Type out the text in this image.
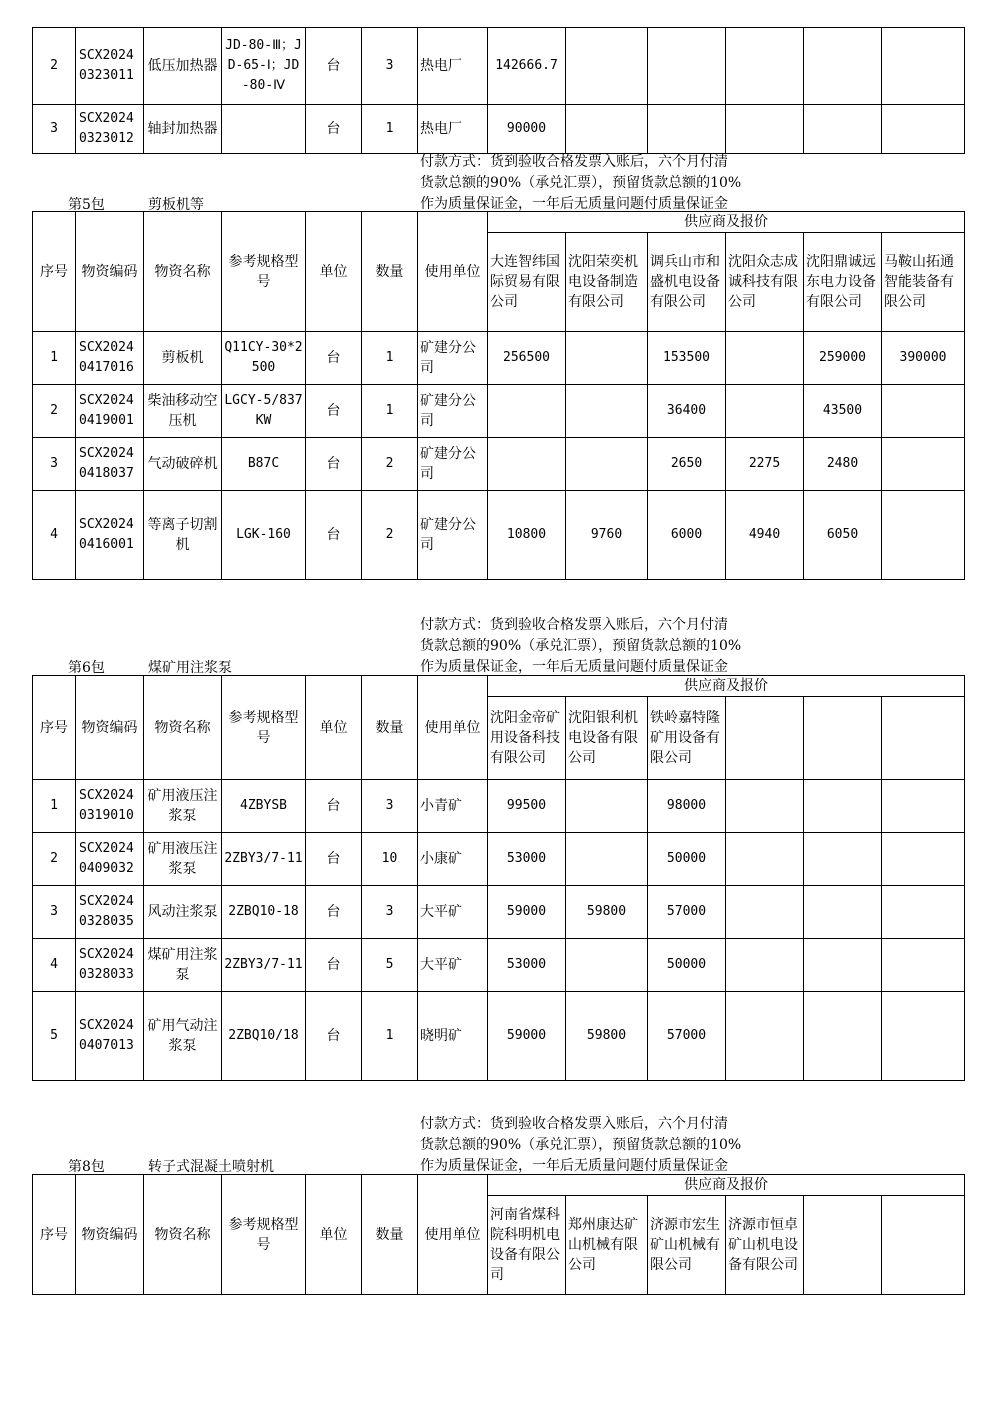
2	SCX20240323011	低压加热器	JD-80-Ⅲ；JD-65-Ⅰ；JD-80-Ⅳ	台	3	热电厂	142666.7					
3	SCX20240323012	轴封加热器		台	1	热电厂	90000					
付款方式：货到验收合格发票入账后，六个月付清
货款总额的90%（承兑汇票），预留货款总额的10%
作为质量保证金，一年后无质量问题付质量保证金
第5包	剪板机等
序号	物资编码	物资名称	参考规格型号	单位	数量	使用单位	供应商及报价					
							大连智纬国际贸易有限公司	沈阳荣奕机电设备制造有限公司	调兵山市和盛机电设备有限公司	沈阳众志成诚科技有限公司	沈阳鼎诚远东电力设备有限公司	马鞍山拓通智能装备有限公司
1	SCX20240417016	剪板机	Q11CY-30*2500	台	1	矿建分公司	256500		153500		259000	390000
2	SCX20240419001	柴油移动空压机	LGCY-5/837KW	台	1	矿建分公司			36400		43500	
3	SCX20240418037	气动破碎机	B87C	台	2	矿建分公司			2650	2275	2480	
4	SCX20240416001	等离子切割机	LGK-160	台	2	矿建分公司	10800	9760	6000	4940	6050	
付款方式：货到验收合格发票入账后，六个月付清
货款总额的90%（承兑汇票），预留货款总额的10%
作为质量保证金，一年后无质量问题付质量保证金
第6包	煤矿用注浆泵
序号	物资编码	物资名称	参考规格型号	单位	数量	使用单位	供应商及报价					
							沈阳金帝矿用设备科技有限公司	沈阳银利机电设备有限公司	铁岭嘉特隆矿用设备有限公司			
1	SCX20240319010	矿用液压注浆泵	4ZBYSB	台	3	小青矿	99500		98000			
2	SCX20240409032	矿用液压注浆泵	2ZBY3/7-11	台	10	小康矿	53000		50000			
3	SCX20240328035	风动注浆泵	2ZBQ10-18	台	3	大平矿	59000	59800	57000			
4	SCX20240328033	煤矿用注浆泵	2ZBY3/7-11	台	5	大平矿	53000		50000			
5	SCX20240407013	矿用气动注浆泵	2ZBQ10/18	台	1	晓明矿	59000	59800	57000			
付款方式：货到验收合格发票入账后，六个月付清
货款总额的90%（承兑汇票），预留货款总额的10%
作为质量保证金，一年后无质量问题付质量保证金
第8包	转子式混凝土喷射机
序号	物资编码	物资名称	参考规格型号	单位	数量	使用单位	供应商及报价					
							河南省煤科院科明机电设备有限公司	郑州康达矿山机械有限公司	济源市宏生矿山机械有限公司	济源市恒卓矿山机电设备有限公司		
